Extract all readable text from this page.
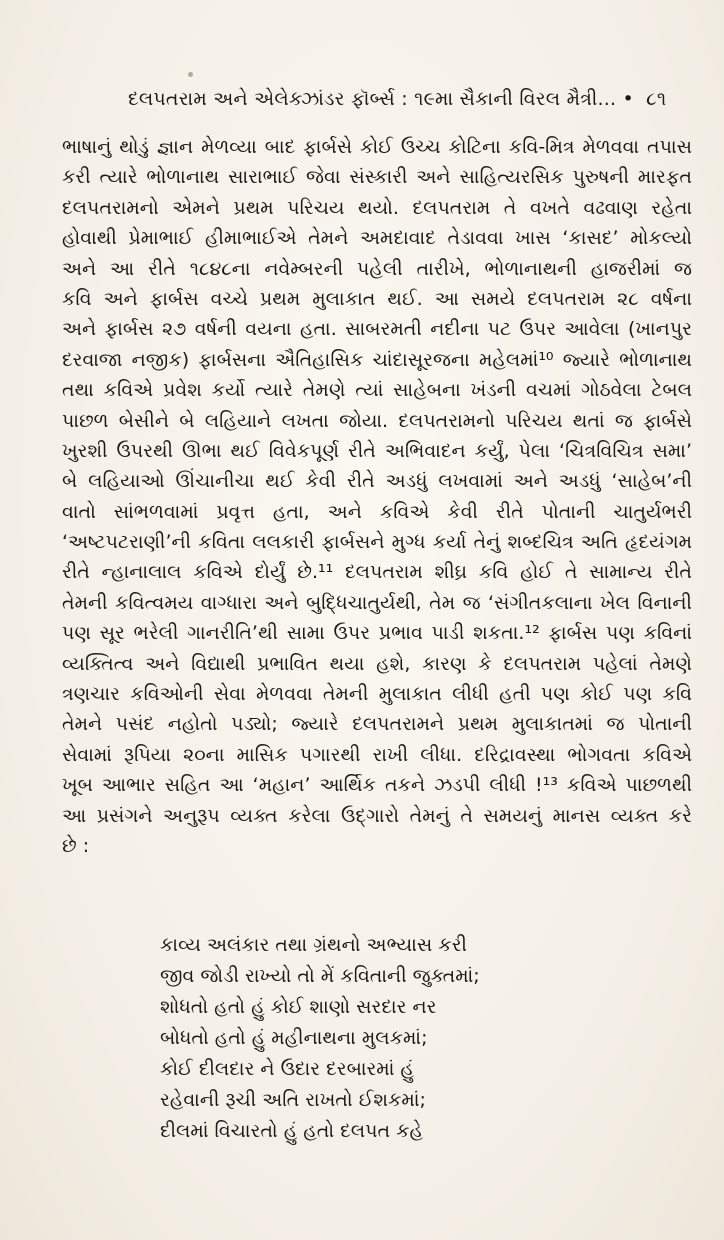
દલપતરામ અને એલેક્ઝાંડર ફૉર્બ્સ : ૧૯મા સૈકાની વિરલ મૈત્રી... • ૮૧
ભાષાનું થોડું જ્ઞાન મેળવ્યા બાદ ફાર્બસે કોઈ ઉચ્ચ કોટિના કવિ-મિત્ર મેળવવા તપાસ
કરી ત્યારે ભોળાનાથ સારાભાઈ જેવા સંસ્કારી અને સાહિત્યરસિક પુરુષની મારફત
દલપતરામનો એમને પ્રથમ પરિચય થયો. દલપતરામ તે વખતે વઢવાણ રહેતા
હોવાથી પ્રેમાભાઈ હીમાભાઈએ તેમને અમદાવાદ તેડાવવા ખાસ ‘કાસદ’ મોકલ્યો
અને આ રીતે ૧૮૪૮ના નવેમ્બરની પહેલી તારીખે, ભોળાનાથની હાજરીમાં જ
કવિ અને ફાર્બસ વચ્ચે પ્રથમ મુલાકાત થઈ. આ સમયે દલપતરામ ૨૮ વર્ષના
અને ફાર્બસ ૨૭ વર્ષની વયના હતા. સાબરમતી નદીના પટ ઉપર આવેલા (ખાનપુર
દરવાજા નજીક) ફાર્બસના ઐતિહાસિક ચાંદાસૂરજના મહેલમાં¹⁰ જ્યારે ભોળાનાથ
તથા કવિએ પ્રવેશ કર્યો ત્યારે તેમણે ત્યાં સાહેબના ખંડની વચમાં ગોઠવેલા ટેબલ
પાછળ બેસીને બે લહિયાને લખતા જોયા. દલપતરામનો પરિચય થતાં જ ફાર્બસે
ખુરશી ઉપરથી ઊભા થઈ વિવેકપૂર્ણ રીતે અભિવાદન કર્યું, પેલા ‘ચિત્રવિચિત્ર સમા’
બે લહિયાઓ ઊંચાનીચા થઈ કેવી રીતે અડધું લખવામાં અને અડધું ‘સાહેબ’ની
વાતો સાંભળવામાં પ્રવૃત્ત હતા, અને કવિએ કેવી રીતે પોતાની ચાતુર્યભરી
‘અષ્ટપટરાણી’ની કવિતા લલકારી ફાર્બસને મુગ્ધ કર્યા તેનું શબ્દચિત્ર અતિ હૃદયંગમ
રીતે ન્હાનાલાલ કવિએ દોર્યું છે.¹¹ દલપતરામ શીઘ્ર કવિ હોઈ તે સામાન્ય રીતે
તેમની કવિત્વમય વાગ્ધારા અને બુદ્ધિચાતુર્યથી, તેમ જ ‘સંગીતકલાના ખેલ વિનાની
પણ સૂર ભરેલી ગાનરીતિ’થી સામા ઉપર પ્રભાવ પાડી શકતા.¹² ફાર્બસ પણ કવિનાં
વ્યક્તિત્વ અને વિદ્યાથી પ્રભાવિત થયા હશે, કારણ કે દલપતરામ પહેલાં તેમણે
ત્રણચાર કવિઓની સેવા મેળવવા તેમની મુલાકાત લીધી હતી પણ કોઈ પણ કવિ
તેમને પસંદ નહોતો પડ્યો; જ્યારે દલપતરામને પ્રથમ મુલાકાતમાં જ પોતાની
સેવામાં રૂપિયા ૨૦ના માસિક પગારથી રાખી લીધા. દરિદ્રાવસ્થા ભોગવતા કવિએ
ખૂબ આભાર સહિત આ ‘મહાન’ આર્થિક તકને ઝડપી લીધી !¹³ કવિએ પાછળથી
આ પ્રસંગને અનુરૂપ વ્યક્ત કરેલા ઉદ્ગારો તેમનું તે સમયનું માનસ વ્યક્ત કરે
છે :
કાવ્ય અલંકાર તથા ગ્રંથનો અભ્યાસ કરી
જીવ જોડી રાખ્યો તો મેં કવિતાની જુક્તમાં;
શોધતો હતો હું કોઈ શાણો સરદાર નર
બોધતો હતો હું મહીનાથના મુલકમાં;
કોઈ દીલદાર ને ઉદાર દરબારમાં હું
રહેવાની રૂચી અતિ રાખતો ઈશકમાં;
દીલમાં વિચારતો હું હતો દલપત કહે
